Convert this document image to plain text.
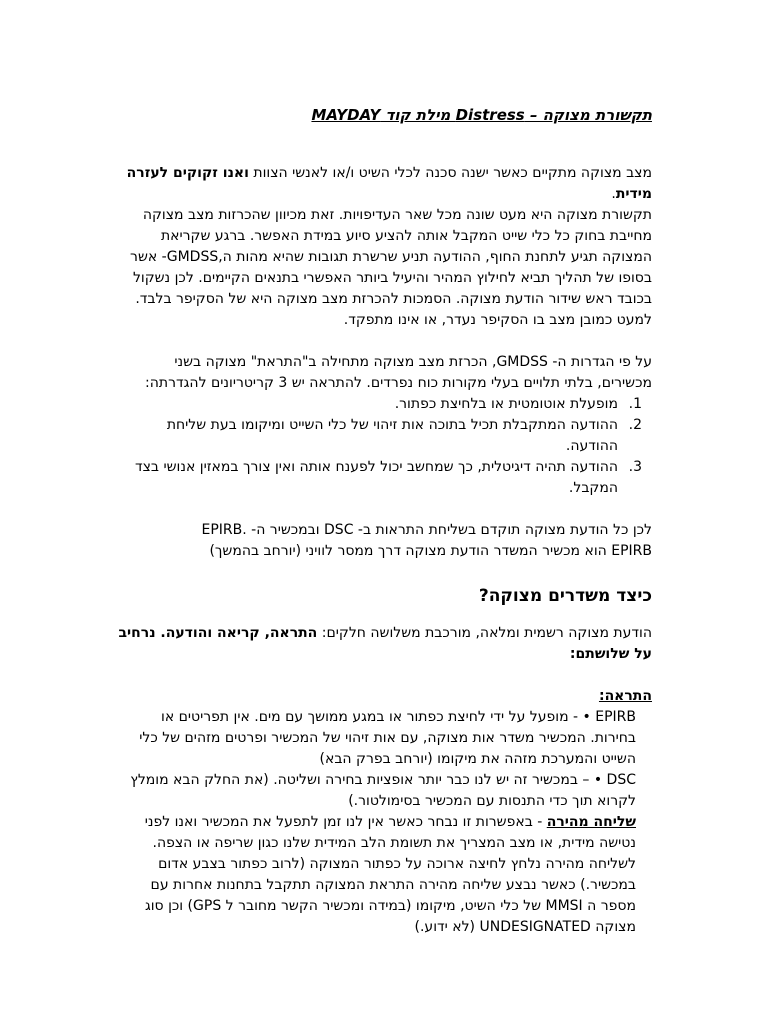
תקשורת מצוקה – Distress מילת קוד MAYDAY

מצב מצוקה מתקיים כאשר ישנה סכנה לכלי השיט ו/או לאנשי הצוות ואנו זקוקים לעזרה מידית.

תקשורת מצוקה היא מעט שונה מכל שאר העדיפויות. זאת מכיוון שהכרזות מצב מצוקה

מחייבת בחוק כל כלי שייט המקבל אותה להציע סיוע במידת האפשר. ברגע שקריאת המצוקה תגיע לתחנת החוף, ההודעה תניע שרשרת תגובות שהיא מהות ה,GMDSS- אשר בסופו של תהליך תביא לחילוץ המהיר והיעיל ביותר האפשרי בתנאים הקיימים. לכן נשקול בכובד ראש שידור הודעת מצוקה. הסמכות להכרזת מצב מצוקה היא של הסקיפר בלבד. למעט כמובן מצב בו הסקיפר נעדר, או אינו מתפקד.

על פי הגדרות ה- GMDSS, הכרזת מצב מצוקה מתחילה ב"התראת" מצוקה בשני מכשירים, בלתי תלויים בעלי מקורות כוח נפרדים. להתראה יש 3 קריטריונים להגדרתה:

1.
מופעלת אוטומטית או בלחיצת כפתור.
2.
ההודעה המתקבלת תכיל בתוכה אות זיהוי של כלי השייט ומיקומו בעת שליחת ההודעה.
3.
ההודעה תהיה דיגיטלית, כך שמחשב יכול לפענח אותה ואין צורך במאזין אנושי בצד המקבל.

לכן כל הודעת מצוקה תוקדם בשליחת התראות ב- DSC ובמכשיר ה- .EPIRB

EPIRB הוא מכשיר המשדר הודעת מצוקה דרך ממסר לוויני (יורחב בהמשך)

כיצד משדרים מצוקה?

הודעת מצוקה רשמית ומלאה, מורכבת משלושה חלקים: התראה, קריאה והודעה. נרחיב על שלושתם:

התראה:

EPIRB • - מופעל על ידי לחיצת כפתור או במגע ממושך עם מים. אין תפריטים או

בחירות. המכשיר משדר אות מצוקה, עם אות זיהוי של המכשיר ופרטים מזהים של כלי השייט והמערכת מזהה את מיקומו (יורחב בפרק הבא)

DSC • – במכשיר זה יש לנו כבר יותר אופציות בחירה ושליטה. (את החלק הבא מומלץ לקרוא תוך כדי התנסות עם המכשיר בסימולטור.)

שליחה מהירה - באפשרות זו נבחר כאשר אין לנו זמן לתפעל את המכשיר ואנו לפני נטישה מידית, או מצב המצריך את תשומת הלב המידית שלנו כגון שריפה או הצפה. לשליחה מהירה נלחץ לחיצה ארוכה על כפתור המצוקה (לרוב כפתור בצבע אדום במכשיר.) כאשר נבצע שליחה מהירה התראת המצוקה תתקבל בתחנות אחרות עם מספר ה MMSI של כלי השיט, מיקומו (במידה ומכשיר הקשר מחובר ל GPS) וכן סוג מצוקה UNDESIGNATED (לא ידוע.)
